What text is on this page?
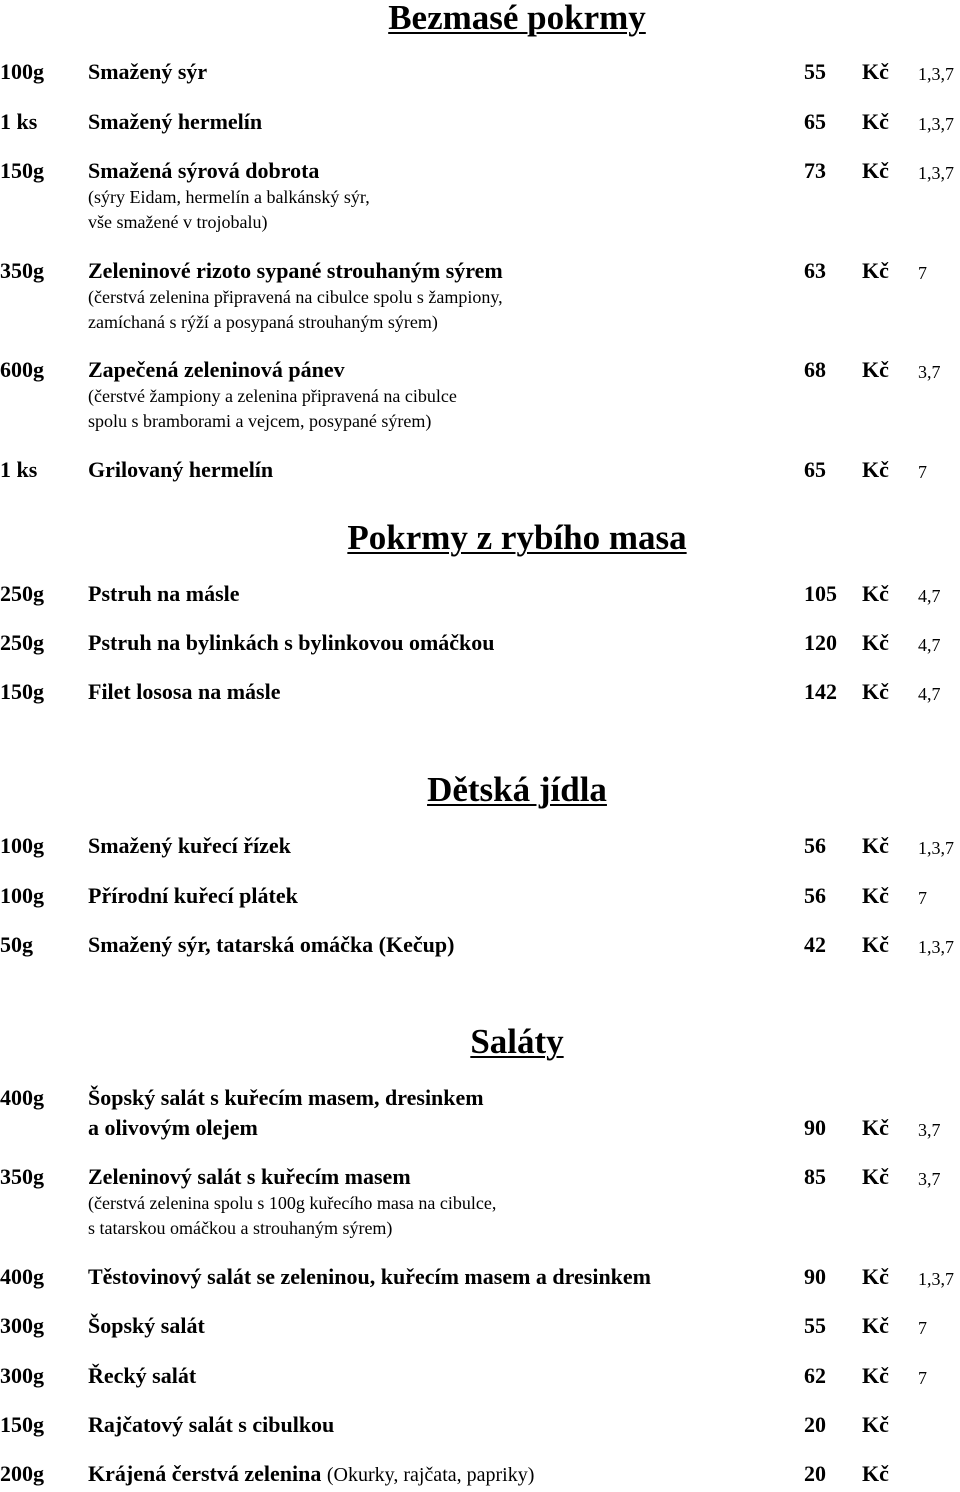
Bezmasé pokrmy
100g Smažený sýr	55 Kč 1,3,7
1 ks Smažený hermelín	65 Kč 1,3,7
150g Smažená sýrová dobrota	73 Kč 1,3,7
(sýry Eidam, hermelín a balkánský sýr,
vše smažené v trojobalu)
350g Zeleninové rizoto sypané strouhaným sýrem	63 Kč 7
(čerstvá zelenina připravená na cibulce spolu s žampiony,
zamíchaná s rýží a posypaná strouhaným sýrem)
600g Zapečená zeleninová pánev	68 Kč 3,7
(čerstvé žampiony a zelenina připravená na cibulce
spolu s bramborami a vejcem, posypané sýrem)
1 ks Grilovaný hermelín	65 Kč 7
Pokrmy z rybího masa
250g Pstruh na másle	105 Kč 4,7
250g Pstruh na bylinkách s bylinkovou omáčkou	120 Kč 4,7
150g Filet lososa na másle	142 Kč 4,7
Dětská jídla
100g Smažený kuřecí řízek	56 Kč 1,3,7
100g Přírodní kuřecí plátek	56 Kč 7
50g	Smažený sýr, tatarská omáčka (Kečup)	42 Kč 1,3,7
Saláty
400g Šopský salát s kuřecím masem, dresinkem
a olivovým olejem	90 Kč 3,7
350g Zeleninový salát s kuřecím masem	85 Kč 3,7
(čerstvá zelenina spolu s 100g kuřecího masa na cibulce,
s tatarskou omáčkou a strouhaným sýrem)
400g Těstovinový salát se zeleninou, kuřecím masem a dresinkem	90 Kč 1,3,7
300g Šopský salát	55 Kč 7
300g Řecký salát	62 Kč 7
150g Rajčatový salát s cibulkou	20 Kč
200g Krájená čerstvá zelenina (Okurky, rajčata, papriky)	20 Kč
